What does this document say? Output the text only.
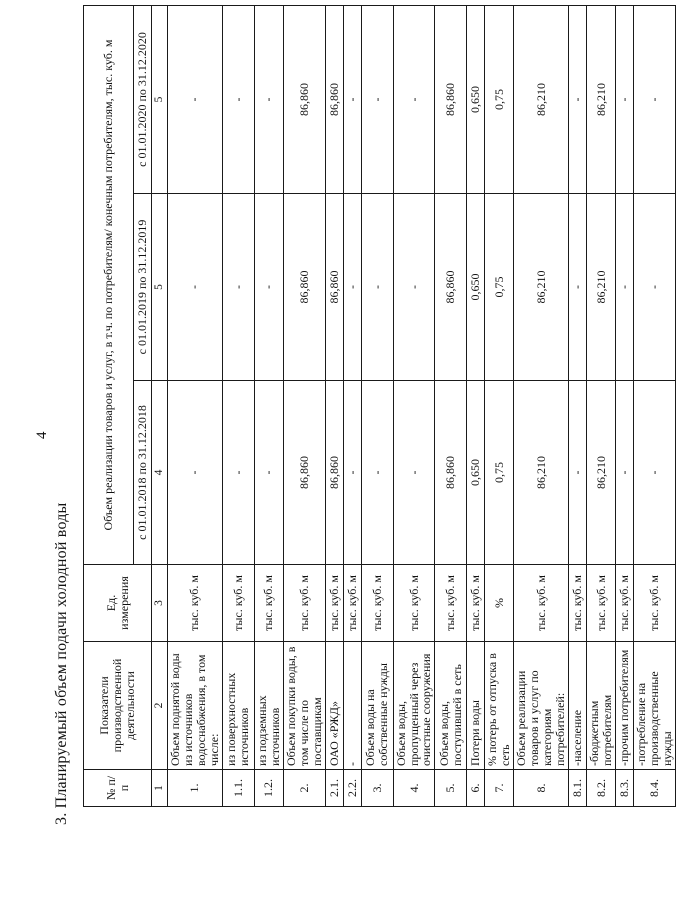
4
3. Планируемый объем подачи холодной воды	№ п/п	Показатели производственной деятельности	Ед. измерения	Объем реализации товаров и услуг, в т.ч. по потребителям/ конечным потребителям, тыс. куб. м		
			с 01.01.2018 по 31.12.2018	с 01.01.2019 по 31.12.2019	с 01.01.2020 по 31.12.2020
1	2	3	4	5	5
1.	Объем поднятой воды из источников водоснабжения, в том числе:	тыс. куб. м	-	-	-
1.1.	из поверхностных источников	тыс. куб. м	-	-	-
1.2.	из подземных источников	тыс. куб. м	-	-	-
2.	Объем покупки воды, в том числе по поставщикам	тыс. куб. м	86,860	86,860	86,860
2.1.	ОАО «РЖД»	тыс. куб. м	86,860	86,860	86,860
2.2.	-	тыс. куб. м	-	-	-
3.	Объем воды на собственные нужды	тыс. куб. м	-	-	-
4.	Объем воды, пропущенный через очистные сооружения	тыс. куб. м	-	-	-
5.	Объем воды, поступившей в сеть	тыс. куб. м	86,860	86,860	86,860
6.	Потери воды	тыс. куб. м	0,650	0,650	0,650
7.	% потерь от отпуска в сеть	%	0,75	0,75	0,75
8.	Объем реализации товаров и услуг по категориям потребителей:	тыс. куб. м	86,210	86,210	86,210
8.1.	-население	тыс. куб. м	-	-	-
8.2.	-бюджетным потребителям	тыс. куб. м	86,210	86,210	86,210
8.3.	-прочим потребителям	тыс. куб. м	-	-	-
8.4.	-потребление на производственные нужды	тыс. куб. м	-	-	-
